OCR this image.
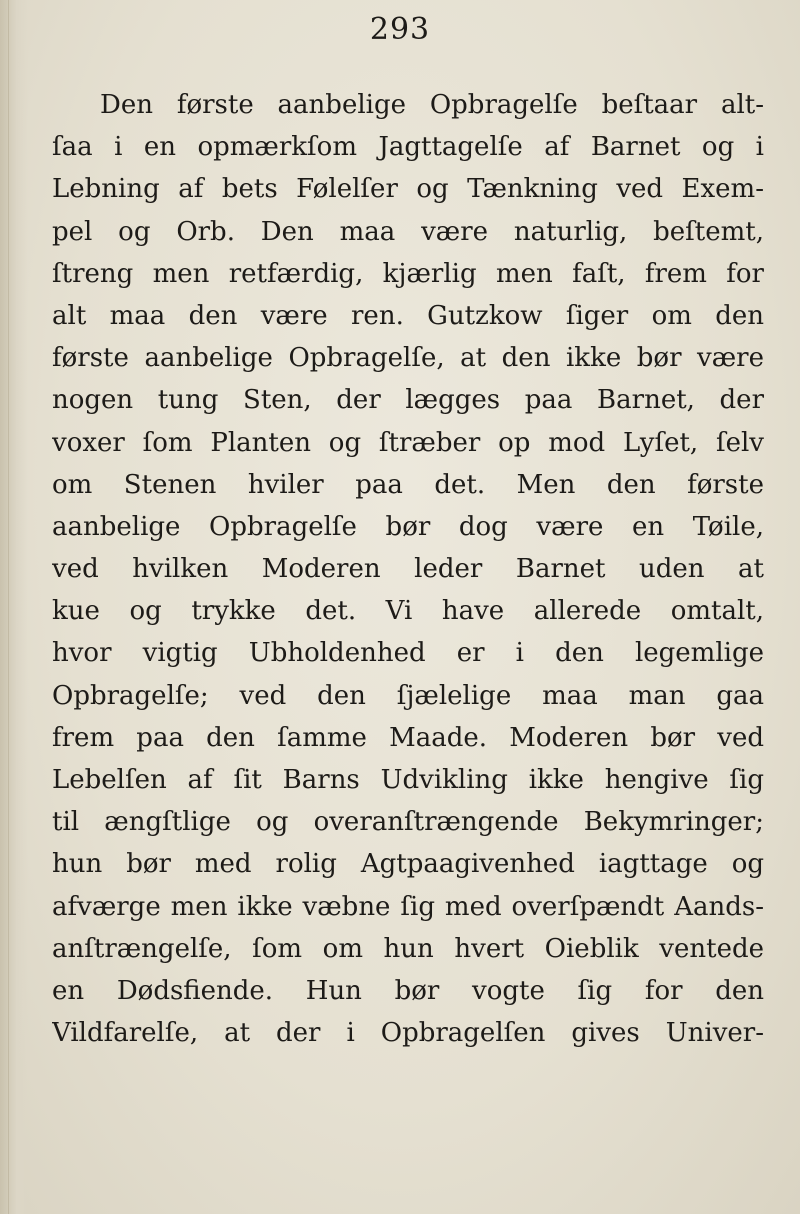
293
Den første aanbelige Opbragelſe beſtaar alt-
ſaa i en opmærkſom Jagttagelſe af Barnet og i
Lebning af bets Følelſer og Tænkning ved Exem-
pel og Orb. Den maa være naturlig, beſtemt,
ſtreng men retfærdig, kjærlig men faſt, frem for
alt maa den være ren. Gutzkow ſiger om den
første aanbelige Opbragelſe, at den ikke bør være
nogen tung Sten, der lægges paa Barnet, der
voxer ſom Planten og ſtræber op mod Lyſet, ſelv
om Stenen hviler paa det. Men den første
aanbelige Opbragelſe bør dog være en Tøile,
ved hvilken Moderen leder Barnet uden at
kue og trykke det. Vi have allerede omtalt,
hvor vigtig Ubholdenhed er i den legemlige
Opbragelſe; ved den ſjælelige maa man gaa
frem paa den ſamme Maade. Moderen bør ved
Lebelſen af ſit Barns Udvikling ikke hengive ſig
til ængſtlige og overanſtrængende Bekymringer;
hun bør med rolig Agtpaagivenhed iagttage og
afværge men ikke væbne ſig med overſpændt Aands-
anſtrængelſe, ſom om hun hvert Oieblik ventede
en Dødsfiende. Hun bør vogte ſig for den
Vildfarelſe, at der i Opbragelſen gives Univer-
